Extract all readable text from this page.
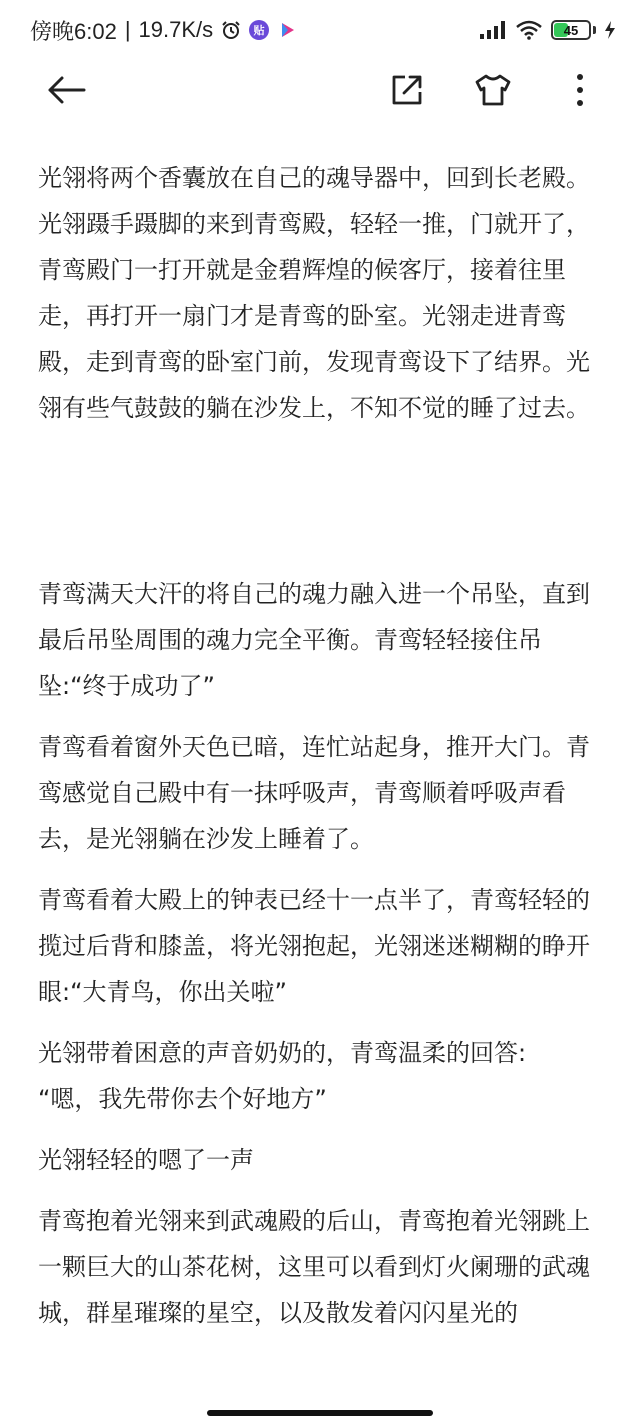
傍晚6:02 | 19.7K/s	贴	45

光翎将两个香囊放在自己的魂导器中，回到长老殿。光翎蹑手蹑脚的来到青鸾殿，轻轻一推，门就开了，青鸾殿门一打开就是金碧辉煌的候客厅，接着往里走，再打开一扇门才是青鸾的卧室。光翎走进青鸾殿，走到青鸾的卧室门前，发现青鸾设下了结界。光翎有些气鼓鼓的躺在沙发上，不知不觉的睡了过去。

青鸾满天大汗的将自己的魂力融入进一个吊坠，直到最后吊坠周围的魂力完全平衡。青鸾轻轻接住吊坠:“终于成功了”

青鸾看着窗外天色已暗，连忙站起身，推开大门。青鸾感觉自己殿中有一抹呼吸声，青鸾顺着呼吸声看去，是光翎躺在沙发上睡着了。

青鸾看着大殿上的钟表已经十一点半了，青鸾轻轻的揽过后背和膝盖，将光翎抱起，光翎迷迷糊糊的睁开眼:“大青鸟，你出关啦”

光翎带着困意的声音奶奶的，青鸾温柔的回答:
“嗯，我先带你去个好地方”

光翎轻轻的嗯了一声

青鸾抱着光翎来到武魂殿的后山，青鸾抱着光翎跳上一颗巨大的山茶花树，这里可以看到灯火阑珊的武魂城，群星璀璨的星空，以及散发着闪闪星光的
